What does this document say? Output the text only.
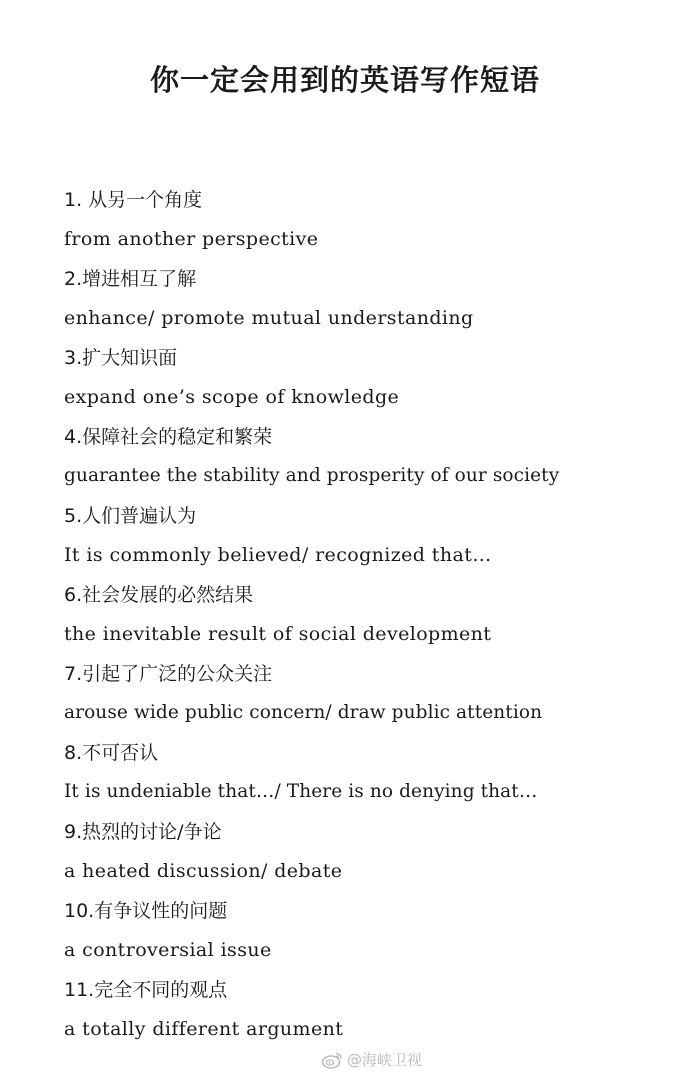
你一定会用到的英语写作短语
1. 从另一个角度
from another perspective
2.增进相互了解
enhance/ promote mutual understanding
3.扩大知识面
expand one’s scope of knowledge
4.保障社会的稳定和繁荣
guarantee the stability and prosperity of our society
5.人们普遍认为
It is commonly believed/ recognized that…
6.社会发展的必然结果
the inevitable result of social development
7.引起了广泛的公众关注
arouse wide public concern/ draw public attention
8.不可否认
It is undeniable that…/ There is no denying that…
9.热烈的讨论/争论
a heated discussion/ debate
10.有争议性的问题
a controversial issue
11.完全不同的观点
a totally different argument
@海峡卫视
